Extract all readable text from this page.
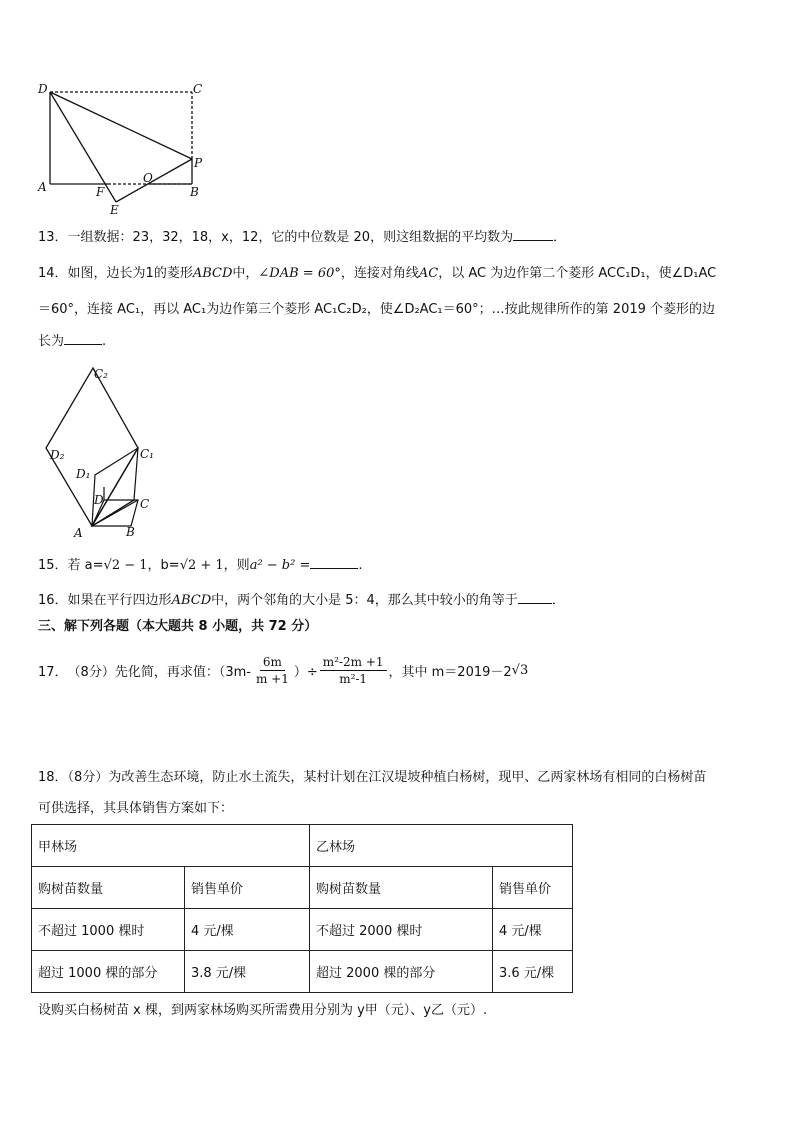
D	C
P
A	F
O
B
E
13．一组数据：23，32，18，x，12，它的中位数是 20，则这组数据的平均数为	．
14．如图，边长为1的菱形ABCD中，∠DAB = 60°，连接对角线AC，以 AC 为边作第二个菱形 ACC₁D₁，使∠D₁AC
＝60°，连接 AC₁，再以 AC₁为边作第三个菱形 AC₁C₂D₂，使∠D₂AC₁＝60°；…按此规律所作的第 2019 个菱形的边
长为	.
C₂
D₂	C₁
D₁
D	C
A	B
15．若 a=√2 − 1，b=√2 + 1，则a² − b² =	.
16．如果在平行四边形ABCD中，两个邻角的大小是 5：4，那么其中较小的角等于	．
三、解下列各题（本大题共 8 小题，共 72 分）
17． （8分）先化简，再求值：（$3m- \frac{6m}{m +1}$ ）÷ $\frac{\text{m²-2m +1}}{\text{m²-1}}$ ，其中 m＝2019－2 √3
18．（8分）为改善生态环境，防止水土流失，某村计划在江汉堤坡种植白杨树，现甲、乙两家林场有相同的白杨树苗
可供选择，其具体销售方案如下：
甲林场		乙林场	
购树苗数量	销售单价	购树苗数量	销售单价
不超过 1000 棵时	4 元/棵	不超过 2000 棵时	4 元/棵
超过 1000 棵的部分	3.8 元/棵	超过 2000 棵的部分	3.6 元/棵
设购买白杨树苗 x 棵，到两家林场购买所需费用分别为 y甲（元）、y乙（元）.
